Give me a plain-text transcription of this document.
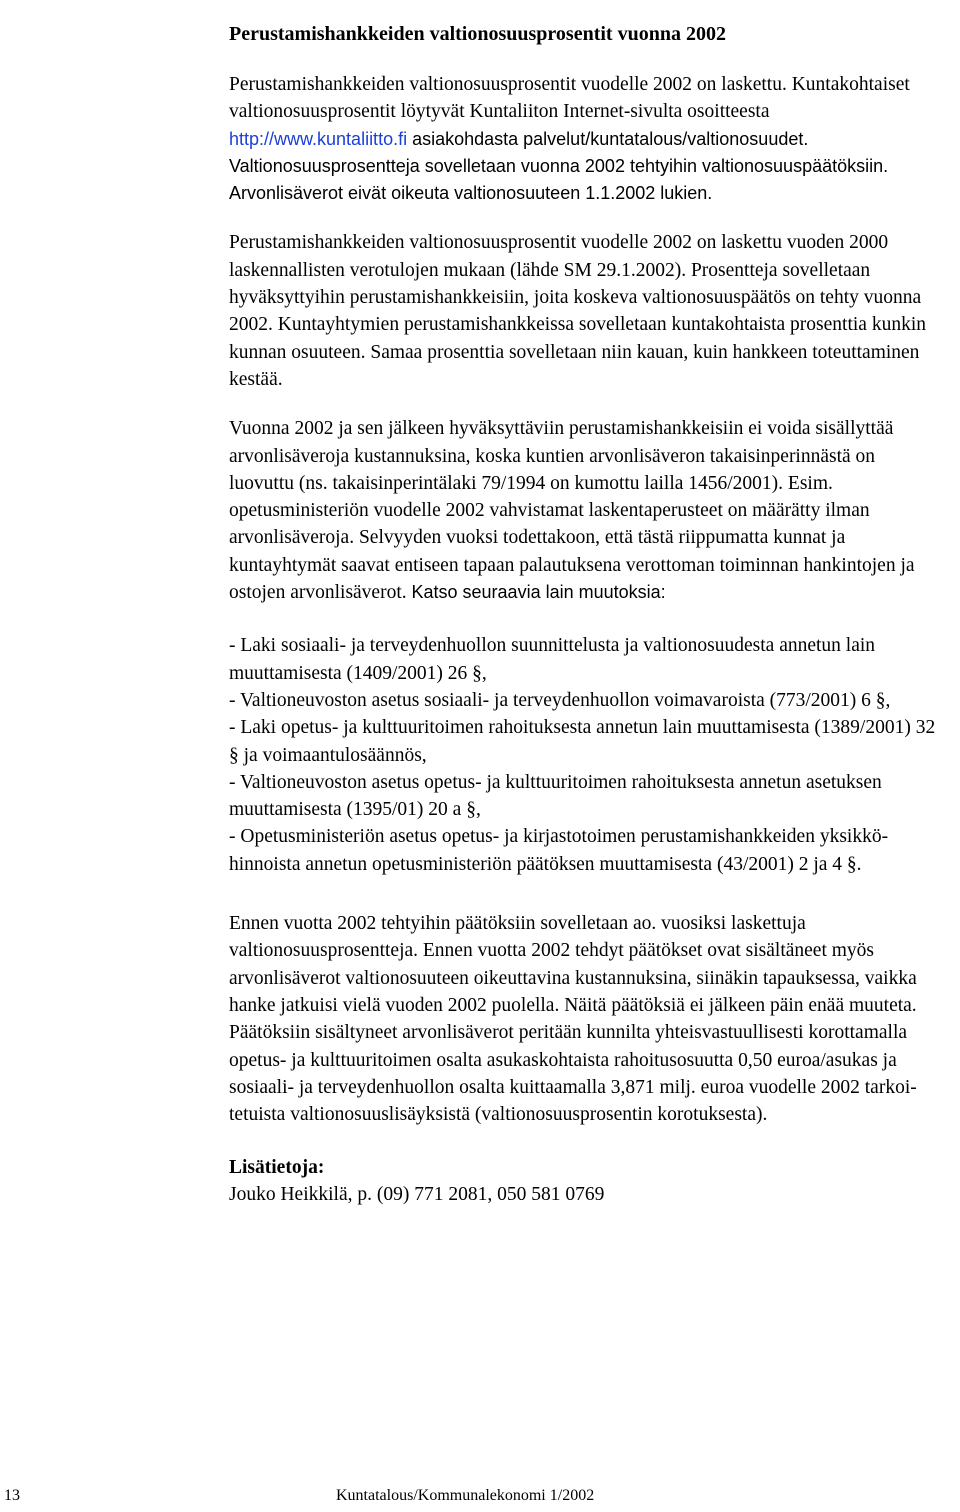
Perustamishankkeiden valtionosuusprosentit vuonna 2002

Perustamishankkeiden valtionosuusprosentit vuodelle 2002 on laskettu. Kuntakohtaiset valtionosuusprosentit löytyvät Kuntaliiton Internet-sivulta osoitteesta http://www.kuntaliitto.fi asiakohdasta palvelut/kuntatalous/valtionosuudet. Valtionosuusprosentteja sovelletaan vuonna 2002 tehtyihin valtionosuuspäätöksiin. Arvonlisäverot eivät oikeuta valtionosuuteen 1.1.2002 lukien.

Perustamishankkeiden valtionosuusprosentit vuodelle 2002 on laskettu vuoden 2000 laskennallisten verotulojen mukaan (lähde SM 29.1.2002). Prosentteja sovelletaan hyväksyttyihin perustamishankkeisiin, joita koskeva valtionosuuspäätös on tehty vuonna 2002. Kuntayhtymien perustamishankkeissa sovelletaan kuntakohtaista prosenttia kunkin kunnan osuuteen. Samaa prosenttia sovelletaan niin kauan, kuin hankkeen toteuttaminen kestää.

Vuonna 2002 ja sen jälkeen hyväksyttäviin perustamishankkeisiin ei voida sisällyttää arvonlisäveroja kustannuksina, koska kuntien arvonlisäveron takaisinperinnästä on luovuttu (ns. takaisinperintälaki 79/1994 on kumottu lailla 1456/2001). Esim. opetusministeriön vuodelle 2002 vahvistamat laskentaperusteet on määrätty ilman arvonlisäveroja. Selvyyden vuoksi todettakoon, että tästä riippumatta kunnat ja kuntayhtymät saavat entiseen tapaan palautuksena verottoman toiminnan hankintojen ja ostojen arvonlisäverot. Katso seuraavia lain muutoksia:

- Laki sosiaali- ja terveydenhuollon suunnittelusta ja valtionosuudesta annetun lain muuttamisesta (1409/2001) 26 §,

- Valtioneuvoston asetus sosiaali- ja terveydenhuollon voimavaroista (773/2001) 6 §,

- Laki opetus- ja kulttuuritoimen rahoituksesta annetun lain muuttamisesta (1389/2001) 32 § ja voimaantulosäännös,

- Valtioneuvoston asetus opetus- ja kulttuuritoimen rahoituksesta annetun asetuksen muuttamisesta (1395/01) 20 a §,

- Opetusministeriön asetus opetus- ja kirjastotoimen perustamishankkeiden yksikkö-hinnoista annetun opetusministeriön päätöksen muuttamisesta (43/2001) 2 ja 4 §.

Ennen vuotta 2002 tehtyihin päätöksiin sovelletaan ao. vuosiksi laskettuja valtionosuusprosentteja. Ennen vuotta 2002 tehdyt päätökset ovat sisältäneet myös arvonlisäverot valtionosuuteen oikeuttavina kustannuksina, siinäkin tapauksessa, vaikka hanke jatkuisi vielä vuoden 2002 puolella. Näitä päätöksiä ei jälkeen päin enää muuteta. Päätöksiin sisältyneet arvonlisäverot peritään kunnilta yhteisvastuullisesti korottamalla opetus- ja kulttuuritoimen osalta asukaskohtaista rahoitusosuutta 0,50 euroa/asukas ja sosiaali- ja terveydenhuollon osalta kuittaamalla 3,871 milj. euroa vuodelle 2002 tarkoitetuista valtionosuuslisäyksistä (valtionosuusprosentin korotuksesta).

Lisätietoja:

Jouko Heikkilä, p. (09) 771 2081, 050 581 0769

13	Kuntatalous/Kommunalekonomi 1/2002
